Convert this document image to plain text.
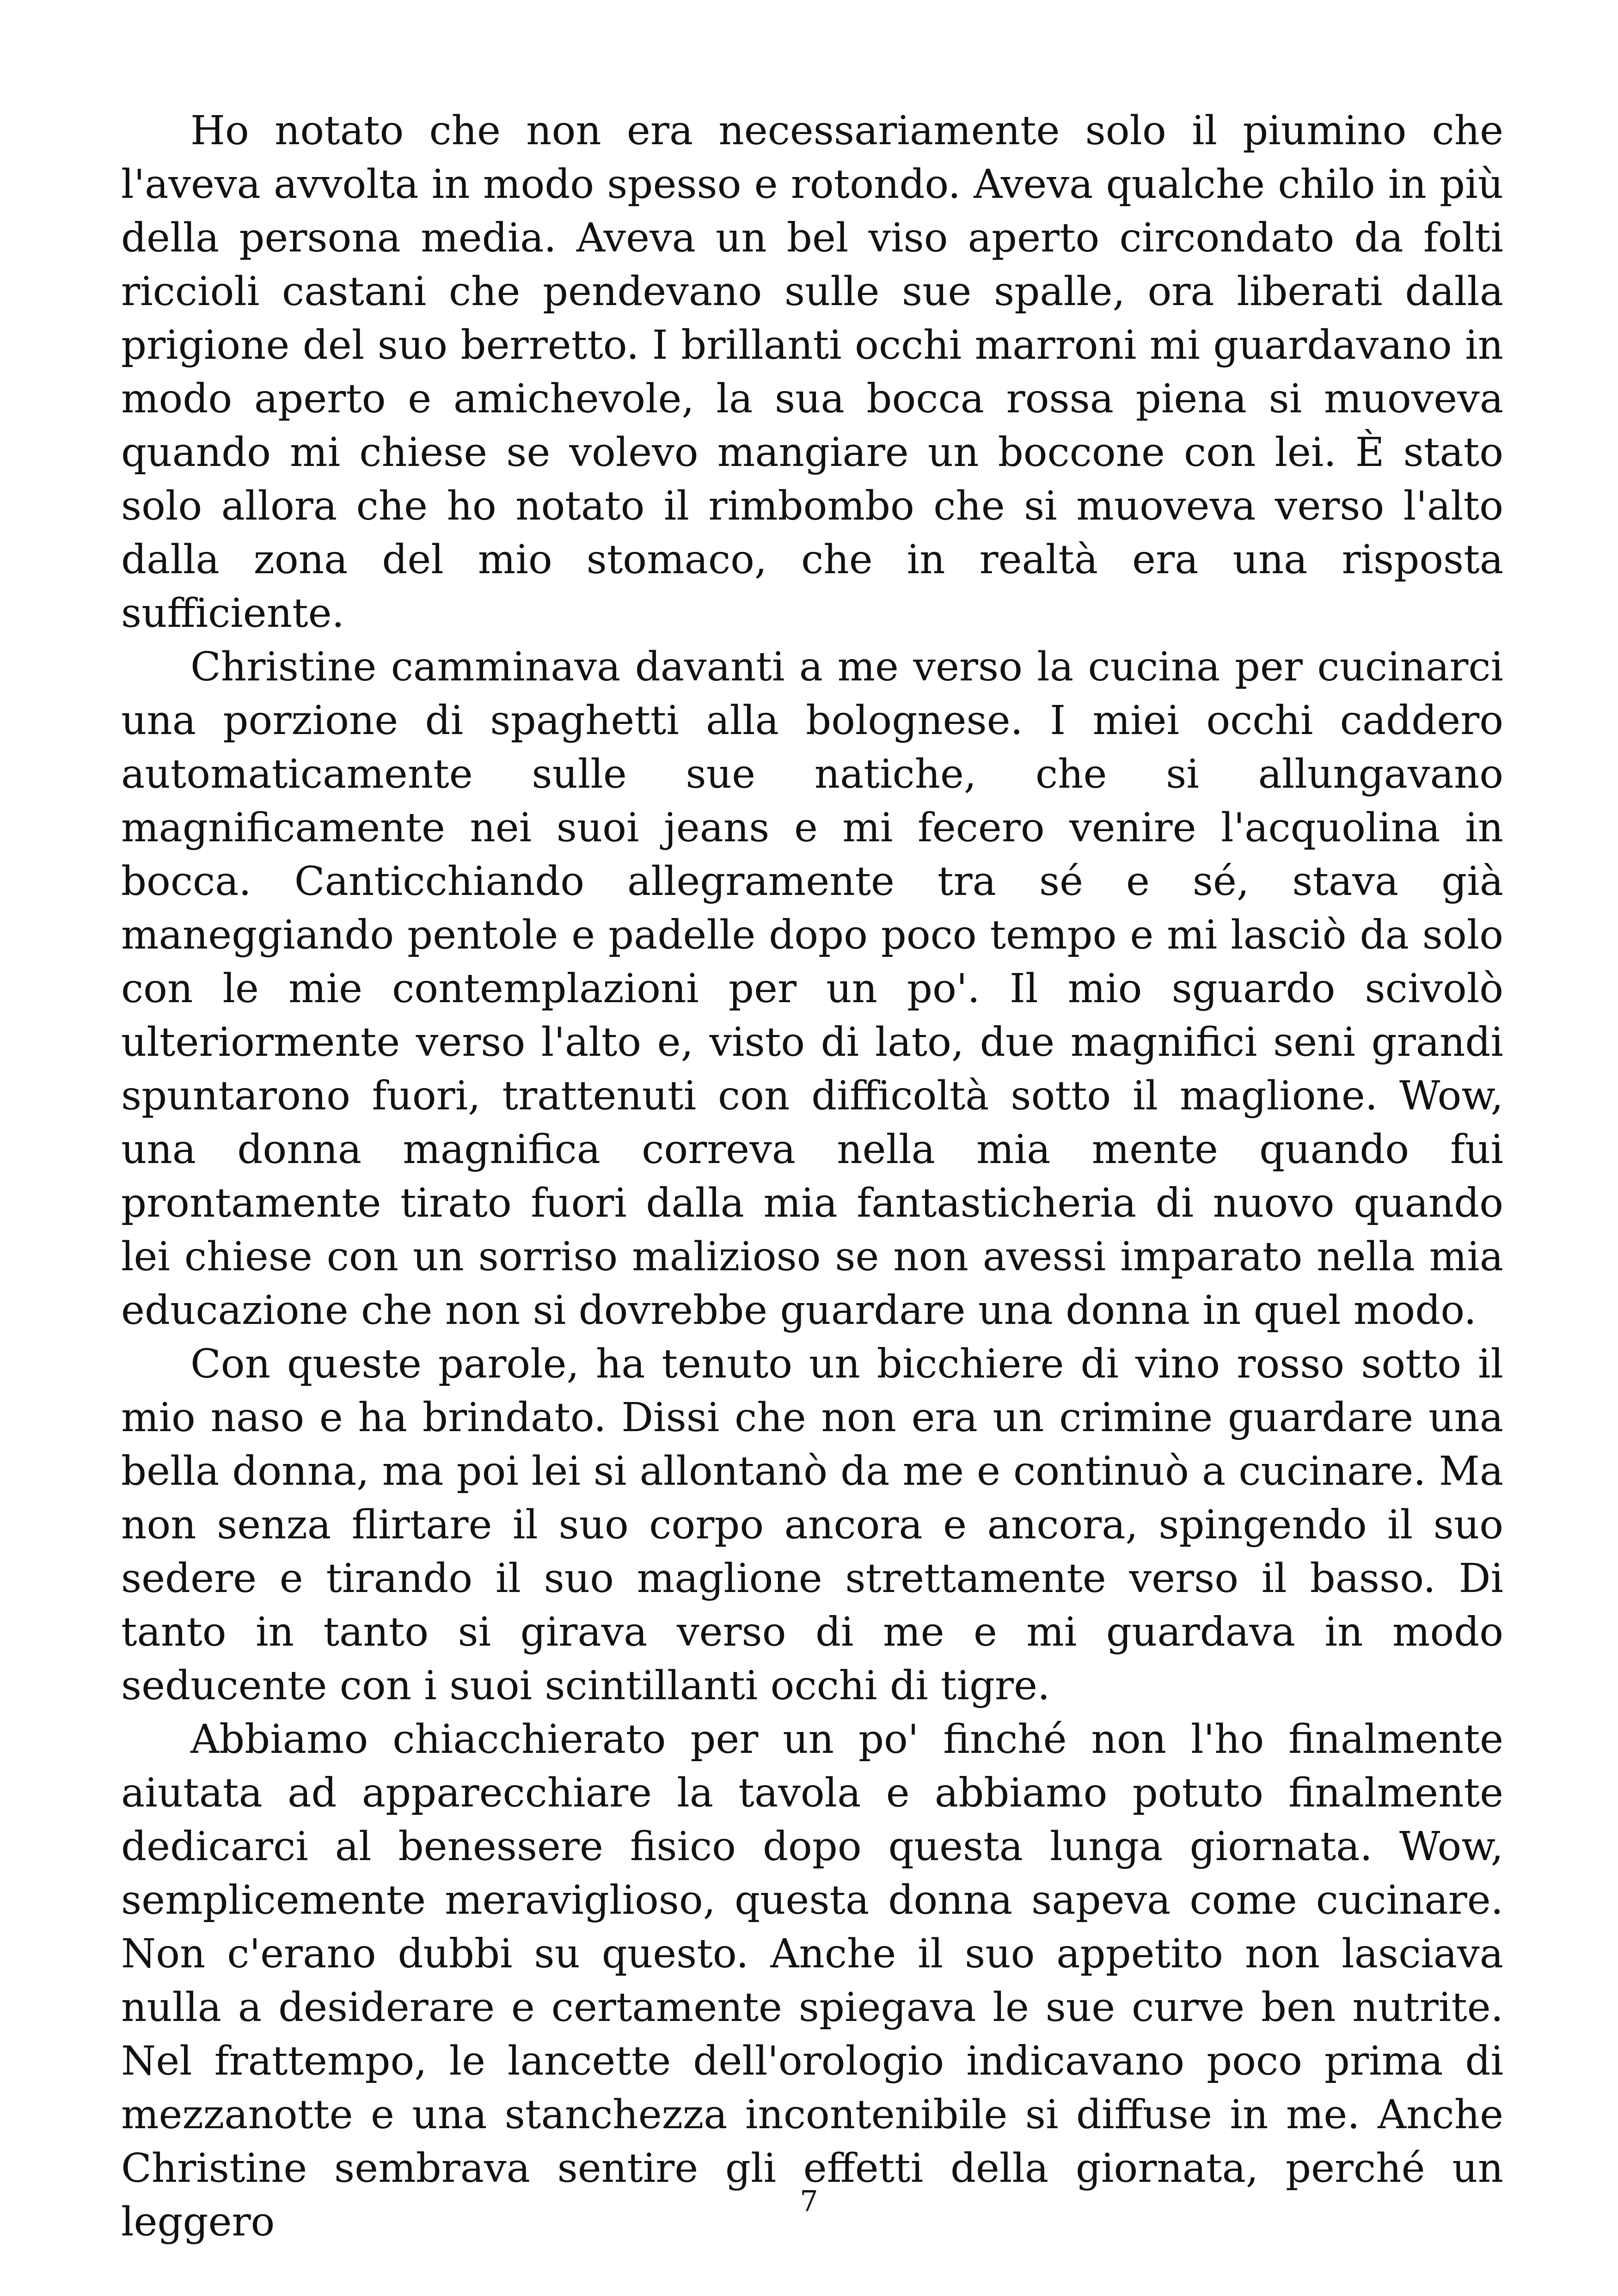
Ho notato che non era necessariamente solo il piumino che l'aveva avvolta in modo spesso e rotondo. Aveva qualche chilo in più della persona media. Aveva un bel viso aperto circondato da folti riccioli castani che pendevano sulle sue spalle, ora liberati dalla prigione del suo berretto. I brillanti occhi marroni mi guardavano in modo aperto e amichevole, la sua bocca rossa piena si muoveva quando mi chiese se volevo mangiare un boccone con lei. È stato solo allora che ho notato il rimbombo che si muoveva verso l'alto dalla zona del mio stomaco, che in realtà era una risposta sufficiente.

Christine camminava davanti a me verso la cucina per cucinarci una porzione di spaghetti alla bolognese. I miei occhi caddero automaticamente sulle sue natiche, che si allungavano magnificamente nei suoi jeans e mi fecero venire l'acquolina in bocca. Canticchiando allegramente tra sé e sé, stava già maneggiando pentole e padelle dopo poco tempo e mi lasciò da solo con le mie contemplazioni per un po'. Il mio sguardo scivolò ulteriormente verso l'alto e, visto di lato, due magnifici seni grandi spuntarono fuori, trattenuti con difficoltà sotto il maglione. Wow, una donna magnifica correva nella mia mente quando fui prontamente tirato fuori dalla mia fantasticheria di nuovo quando lei chiese con un sorriso malizioso se non avessi imparato nella mia educazione che non si dovrebbe guardare una donna in quel modo.

Con queste parole, ha tenuto un bicchiere di vino rosso sotto il mio naso e ha brindato. Dissi che non era un crimine guardare una bella donna, ma poi lei si allontanò da me e continuò a cucinare. Ma non senza flirtare il suo corpo ancora e ancora, spingendo il suo sedere e tirando il suo maglione strettamente verso il basso. Di tanto in tanto si girava verso di me e mi guardava in modo seducente con i suoi scintillanti occhi di tigre.

Abbiamo chiacchierato per un po' finché non l'ho finalmente aiutata ad apparecchiare la tavola e abbiamo potuto finalmente dedicarci al benessere fisico dopo questa lunga giornata. Wow, semplicemente meraviglioso, questa donna sapeva come cucinare. Non c'erano dubbi su questo. Anche il suo appetito non lasciava nulla a desiderare e certamente spiegava le sue curve ben nutrite. Nel frattempo, le lancette dell'orologio indicavano poco prima di mezzanotte e una stanchezza incontenibile si diffuse in me. Anche Christine sembrava sentire gli effetti della giornata, perché un leggero	7
